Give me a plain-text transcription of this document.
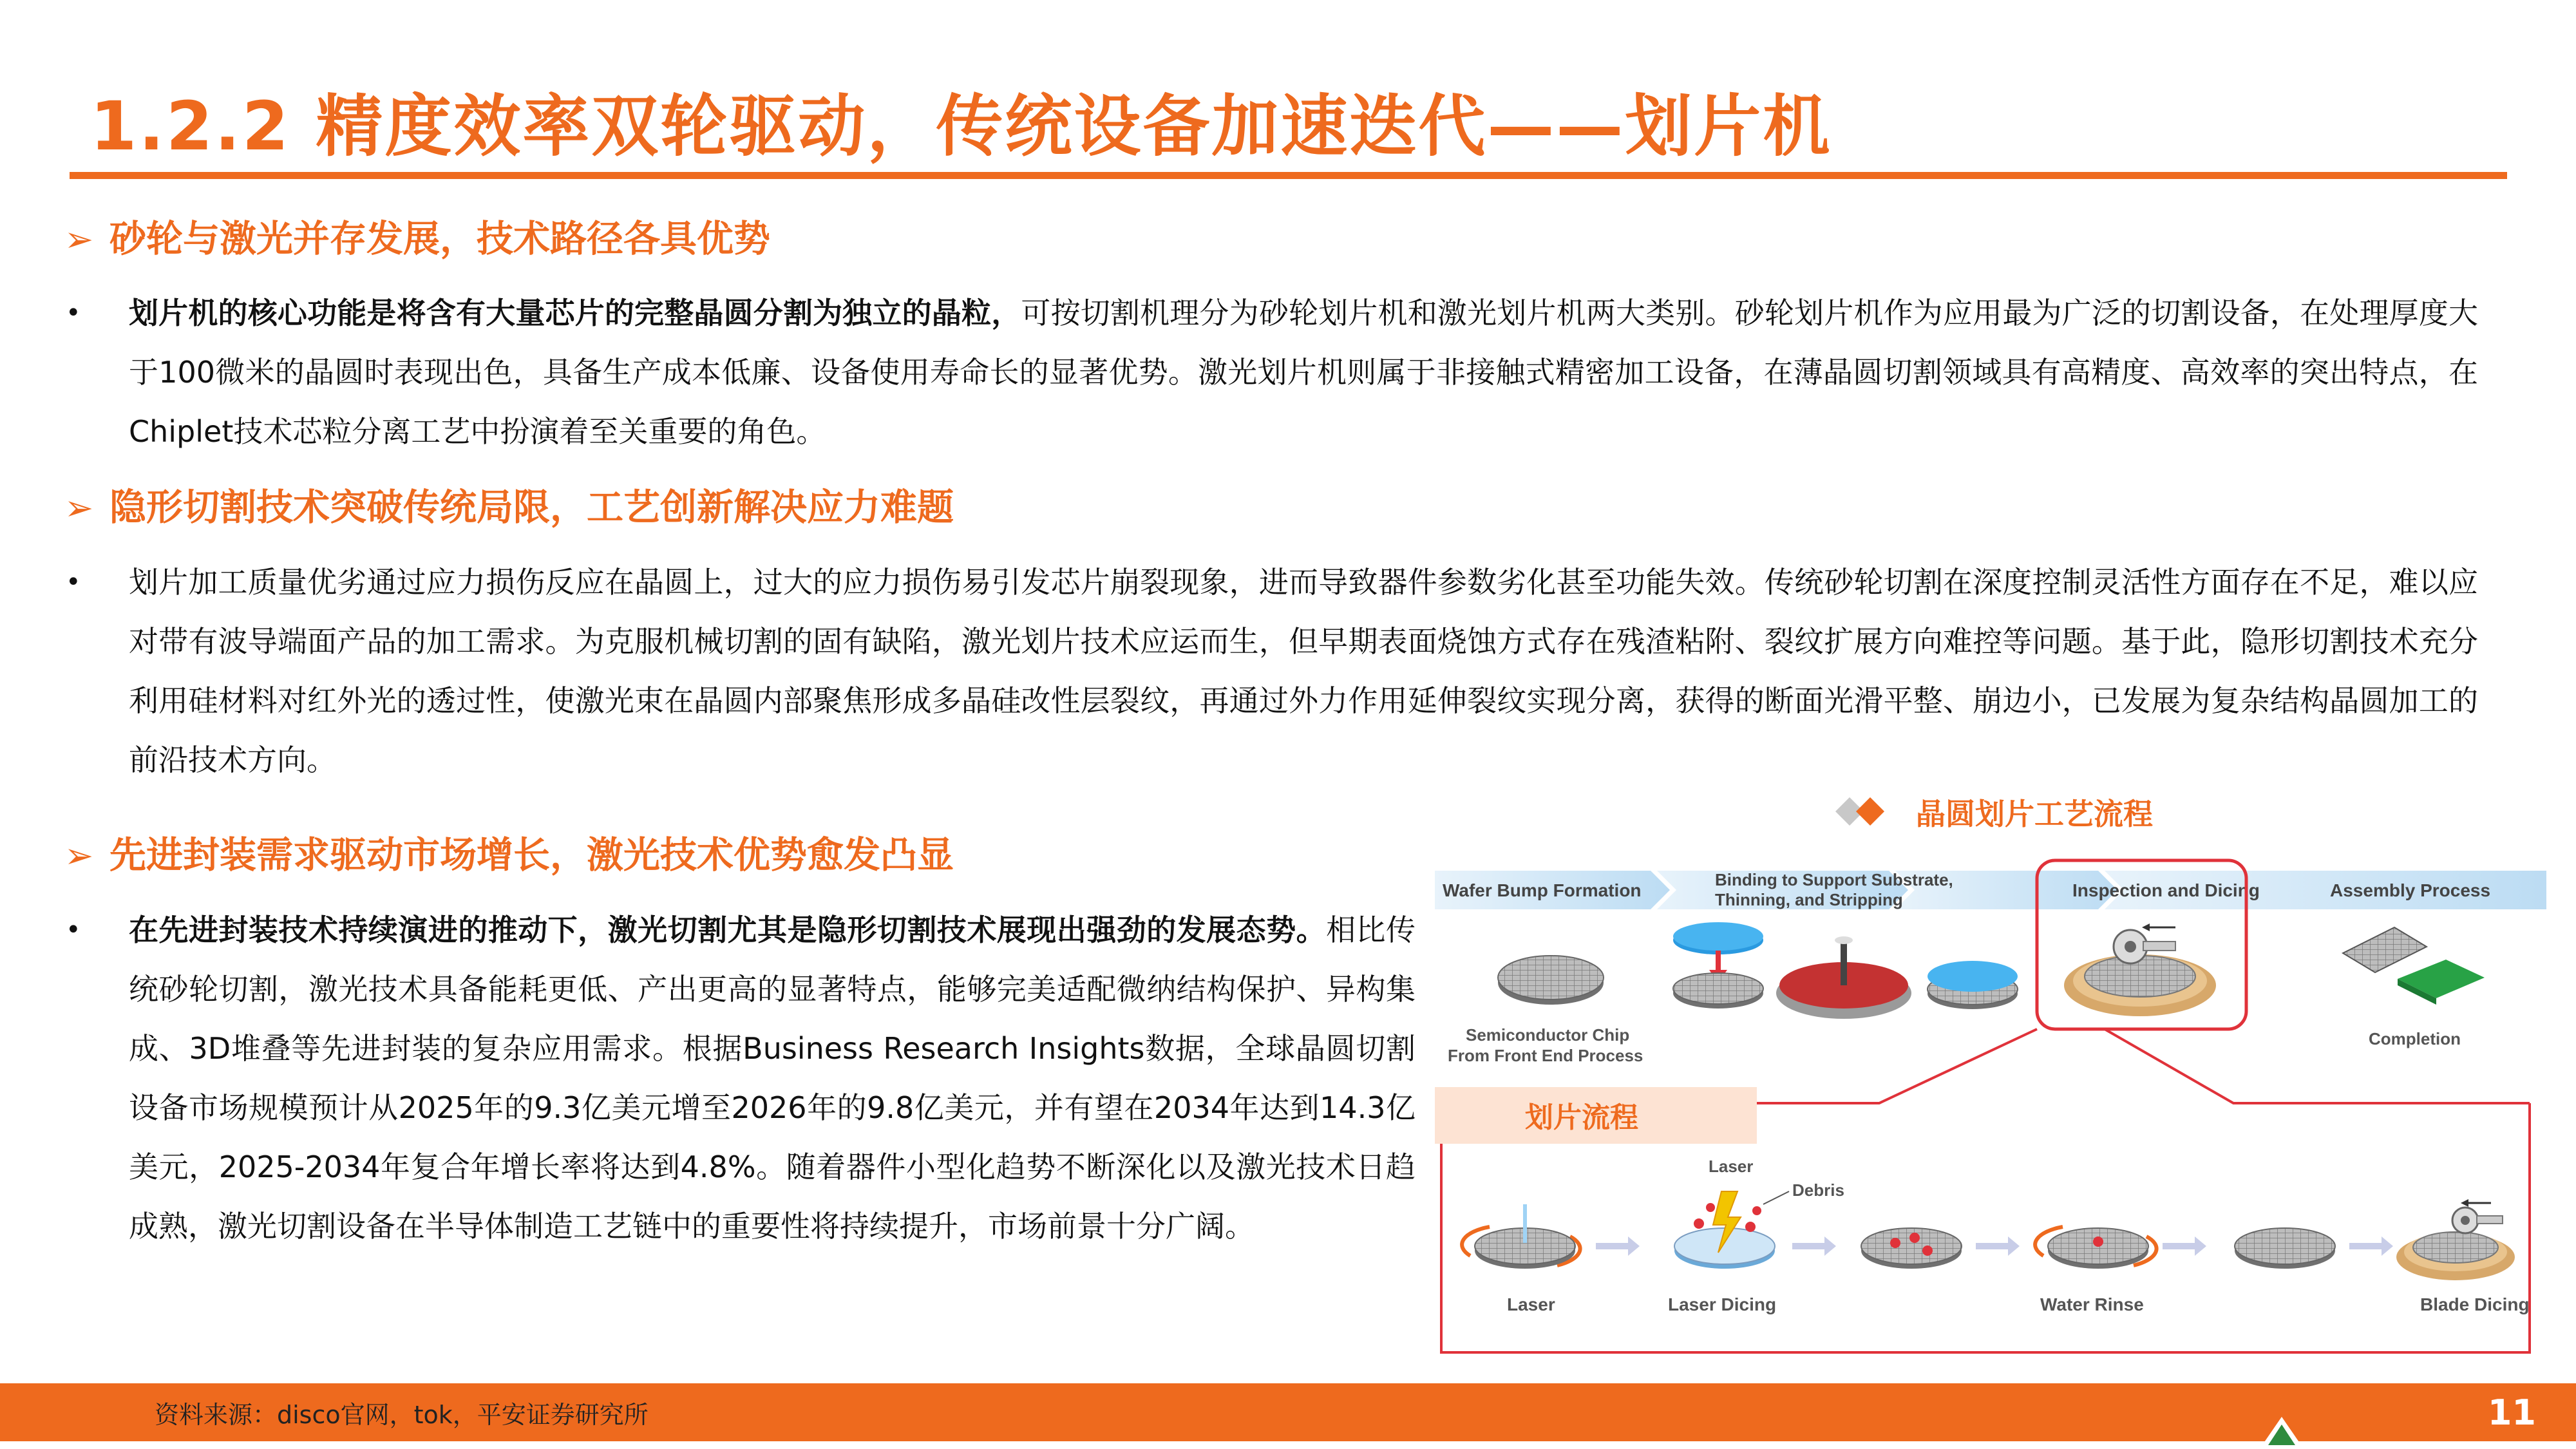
1.2.2 精度效率双轮驱动，传统设备加速迭代——划片机
➢ 砂轮与激光并存发展，技术路径各具优势
• 划片机的核心功能是将含有大量芯片的完整晶圆分割为独立的晶粒，可按切割机理分为砂轮划片机和激光划片机两大类别。砂轮划片机作为应用最为广泛的切割设备，在处理厚度大于100微米的晶圆时表现出色，具备生产成本低廉、设备使用寿命长的显著优势。激光划片机则属于非接触式精密加工设备，在薄晶圆切割领域具有高精度、高效率的突出特点，在Chiplet技术芯粒分离工艺中扮演着至关重要的角色。
➢ 隐形切割技术突破传统局限，工艺创新解决应力难题
• 划片加工质量优劣通过应力损伤反应在晶圆上，过大的应力损伤易引发芯片崩裂现象，进而导致器件参数劣化甚至功能失效。传统砂轮切割在深度控制灵活性方面存在不足，难以应对带有波导端面产品的加工需求。为克服机械切割的固有缺陷，激光划片技术应运而生，但早期表面烧蚀方式存在残渣粘附、裂纹扩展方向难控等问题。基于此，隐形切割技术充分利用硅材料对红外光的透过性，使激光束在晶圆内部聚焦形成多晶硅改性层裂纹，再通过外力作用延伸裂纹实现分离，获得的断面光滑平整、崩边小，已发展为复杂结构晶圆加工的前沿技术方向。
➢ 先进封装需求驱动市场增长，激光技术优势愈发凸显
• 在先进封装技术持续演进的推动下，激光切割尤其是隐形切割技术展现出强劲的发展态势。相比传统砂轮切割，激光技术具备能耗更低、产出更高的显著特点，能够完美适配微纳结构保护、异构集成、3D堆叠等先进封装的复杂应用需求。根据Business Research Insights数据，全球晶圆切割设备市场规模预计从2025年的9.3亿美元增至2026年的9.8亿美元，并有望在2034年达到14.3亿美元，2025-2034年复合年增长率将达到4.8%。随着器件小型化趋势不断深化以及激光技术日趋成熟，激光切割设备在半导体制造工艺链中的重要性将持续提升，市场前景十分广阔。
晶圆划片工艺流程
Wafer Bump Formation
Binding to Support Substrate, Thinning, and Stripping	Inspection and Dicing	Assembly Process
Semiconductor Chip From Front End Process
Completion
划片流程
Laser
Laser
Debris
Laser Dicing	Water Rinse	Blade Dicing
资料来源：disco官网，tok，平安证券研究所	11
